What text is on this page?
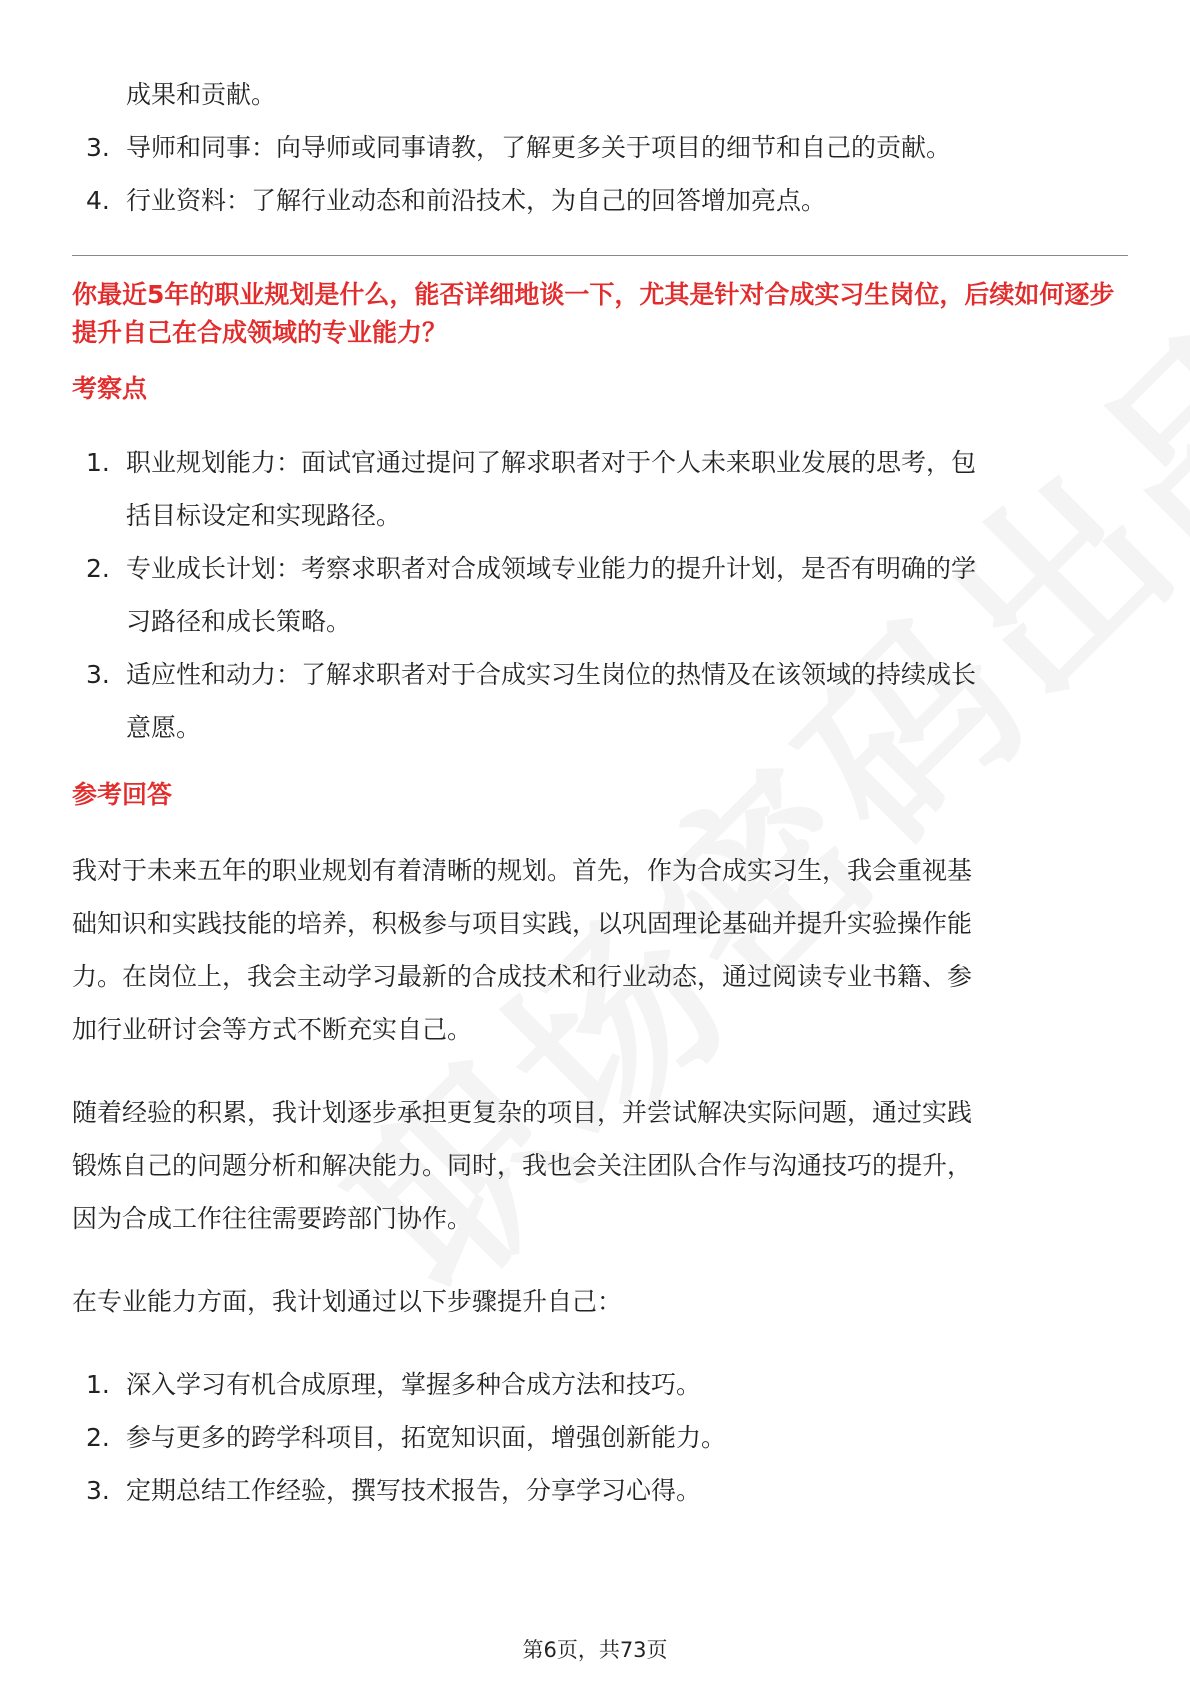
成果和贡献。
3. 导师和同事：向导师或同事请教，了解更多关于项目的细节和自己的贡献。
4. 行业资料：了解行业动态和前沿技术，为自己的回答增加亮点。
你最近5年的职业规划是什么，能否详细地谈一下，尤其是针对合成实习生岗位，后续如何逐步提升自己在合成领域的专业能力？
考察点
1. 职业规划能力：面试官通过提问了解求职者对于个人未来职业发展的思考，包
括目标设定和实现路径。
2. 专业成长计划：考察求职者对合成领域专业能力的提升计划，是否有明确的学
习路径和成长策略。
3. 适应性和动力：了解求职者对于合成实习生岗位的热情及在该领域的持续成长
意愿。
参考回答

我对于未来五年的职业规划有着清晰的规划。首先，作为合成实习生，我会重视基
础知识和实践技能的培养，积极参与项目实践，以巩固理论基础并提升实验操作能
力。在岗位上，我会主动学习最新的合成技术和行业动态，通过阅读专业书籍、参
加行业研讨会等方式不断充实自己。

随着经验的积累，我计划逐步承担更复杂的项目，并尝试解决实际问题，通过实践
锻炼自己的问题分析和解决能力。同时，我也会关注团队合作与沟通技巧的提升，
因为合成工作往往需要跨部门协作。

在专业能力方面，我计划通过以下步骤提升自己：

1. 深入学习有机合成原理，掌握多种合成方法和技巧。
2. 参与更多的跨学科项目，拓宽知识面，增强创新能力。
3. 定期总结工作经验，撰写技术报告，分享学习心得。
第6页，共73页
